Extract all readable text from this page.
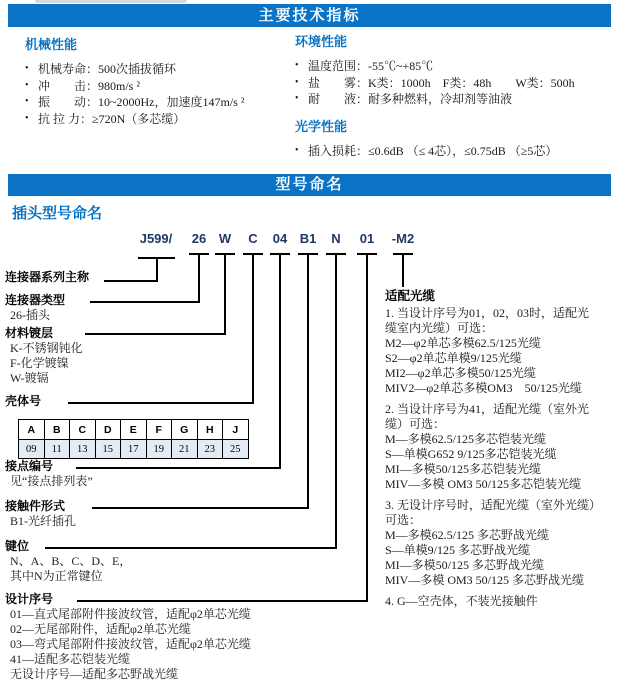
主要技术指标
机械性能
• 机械寿命：500次插拔循环
• 冲　　击：980m/s ²
• 振　　动：10~2000Hz，加速度147m/s ²
• 抗 拉 力：≥720N（多芯缆）
环境性能
• 温度范围：-55℃~+85℃
• 盐　　雾：K类：1000h　F类：48h　　W类：500h
• 耐　　液：耐多种燃料，冷却剂等油液
光学性能
• 插入损耗：≤0.6dB （≤ 4芯），≤0.75dB （≥5芯）
型号命名
插头型号命名
J599/	26 W	C	04 B1	N	01	-M2
连接器系列主称
连接器类型
26-插头
材料镀层
K-不锈钢钝化
F-化学镀镍
W-镀镉
壳体号
A	B	C	D	E	F	G	H	J
09	11	13	15	17	19	21	23	25
接点编号
见“接点排列表”
接触件形式
B1-光纤插孔
键位
N、A、B、C、D、E，
其中N为正常键位
设计序号
01—直式尾部附件接波纹管，适配φ2单芯光缆
02—无尾部附件，适配φ2单芯光缆
03—弯式尾部附件接波纹管，适配φ2单芯光缆
41—适配多芯铠装光缆
无设计序号—适配多芯野战光缆
适配光缆
1. 当设计序号为01，02，03时，适配光
缆室内光缆）可选：
M2—φ2单芯多模62.5/125光缆
S2—φ2单芯单模9/125光缆
MI2—φ2单芯多模50/125光缆
MIV2—φ2单芯多模OM3　50/125光缆
2. 当设计序号为41，适配光缆（室外光
缆）可选：
M—多模62.5/125多芯铠装光缆
S—单模G652 9/125多芯铠装光缆
MI—多模50/125多芯铠装光缆
MIV—多模 OM3 50/125多芯铠装光缆
3. 无设计序号时，适配光缆（室外光缆）
可选：
M—多模62.5/125 多芯野战光缆
S—单模9/125 多芯野战光缆
MI—多模50/125 多芯野战光缆
MIV—多模 OM3 50/125 多芯野战光缆
4. G—空壳体，不装光接触件
